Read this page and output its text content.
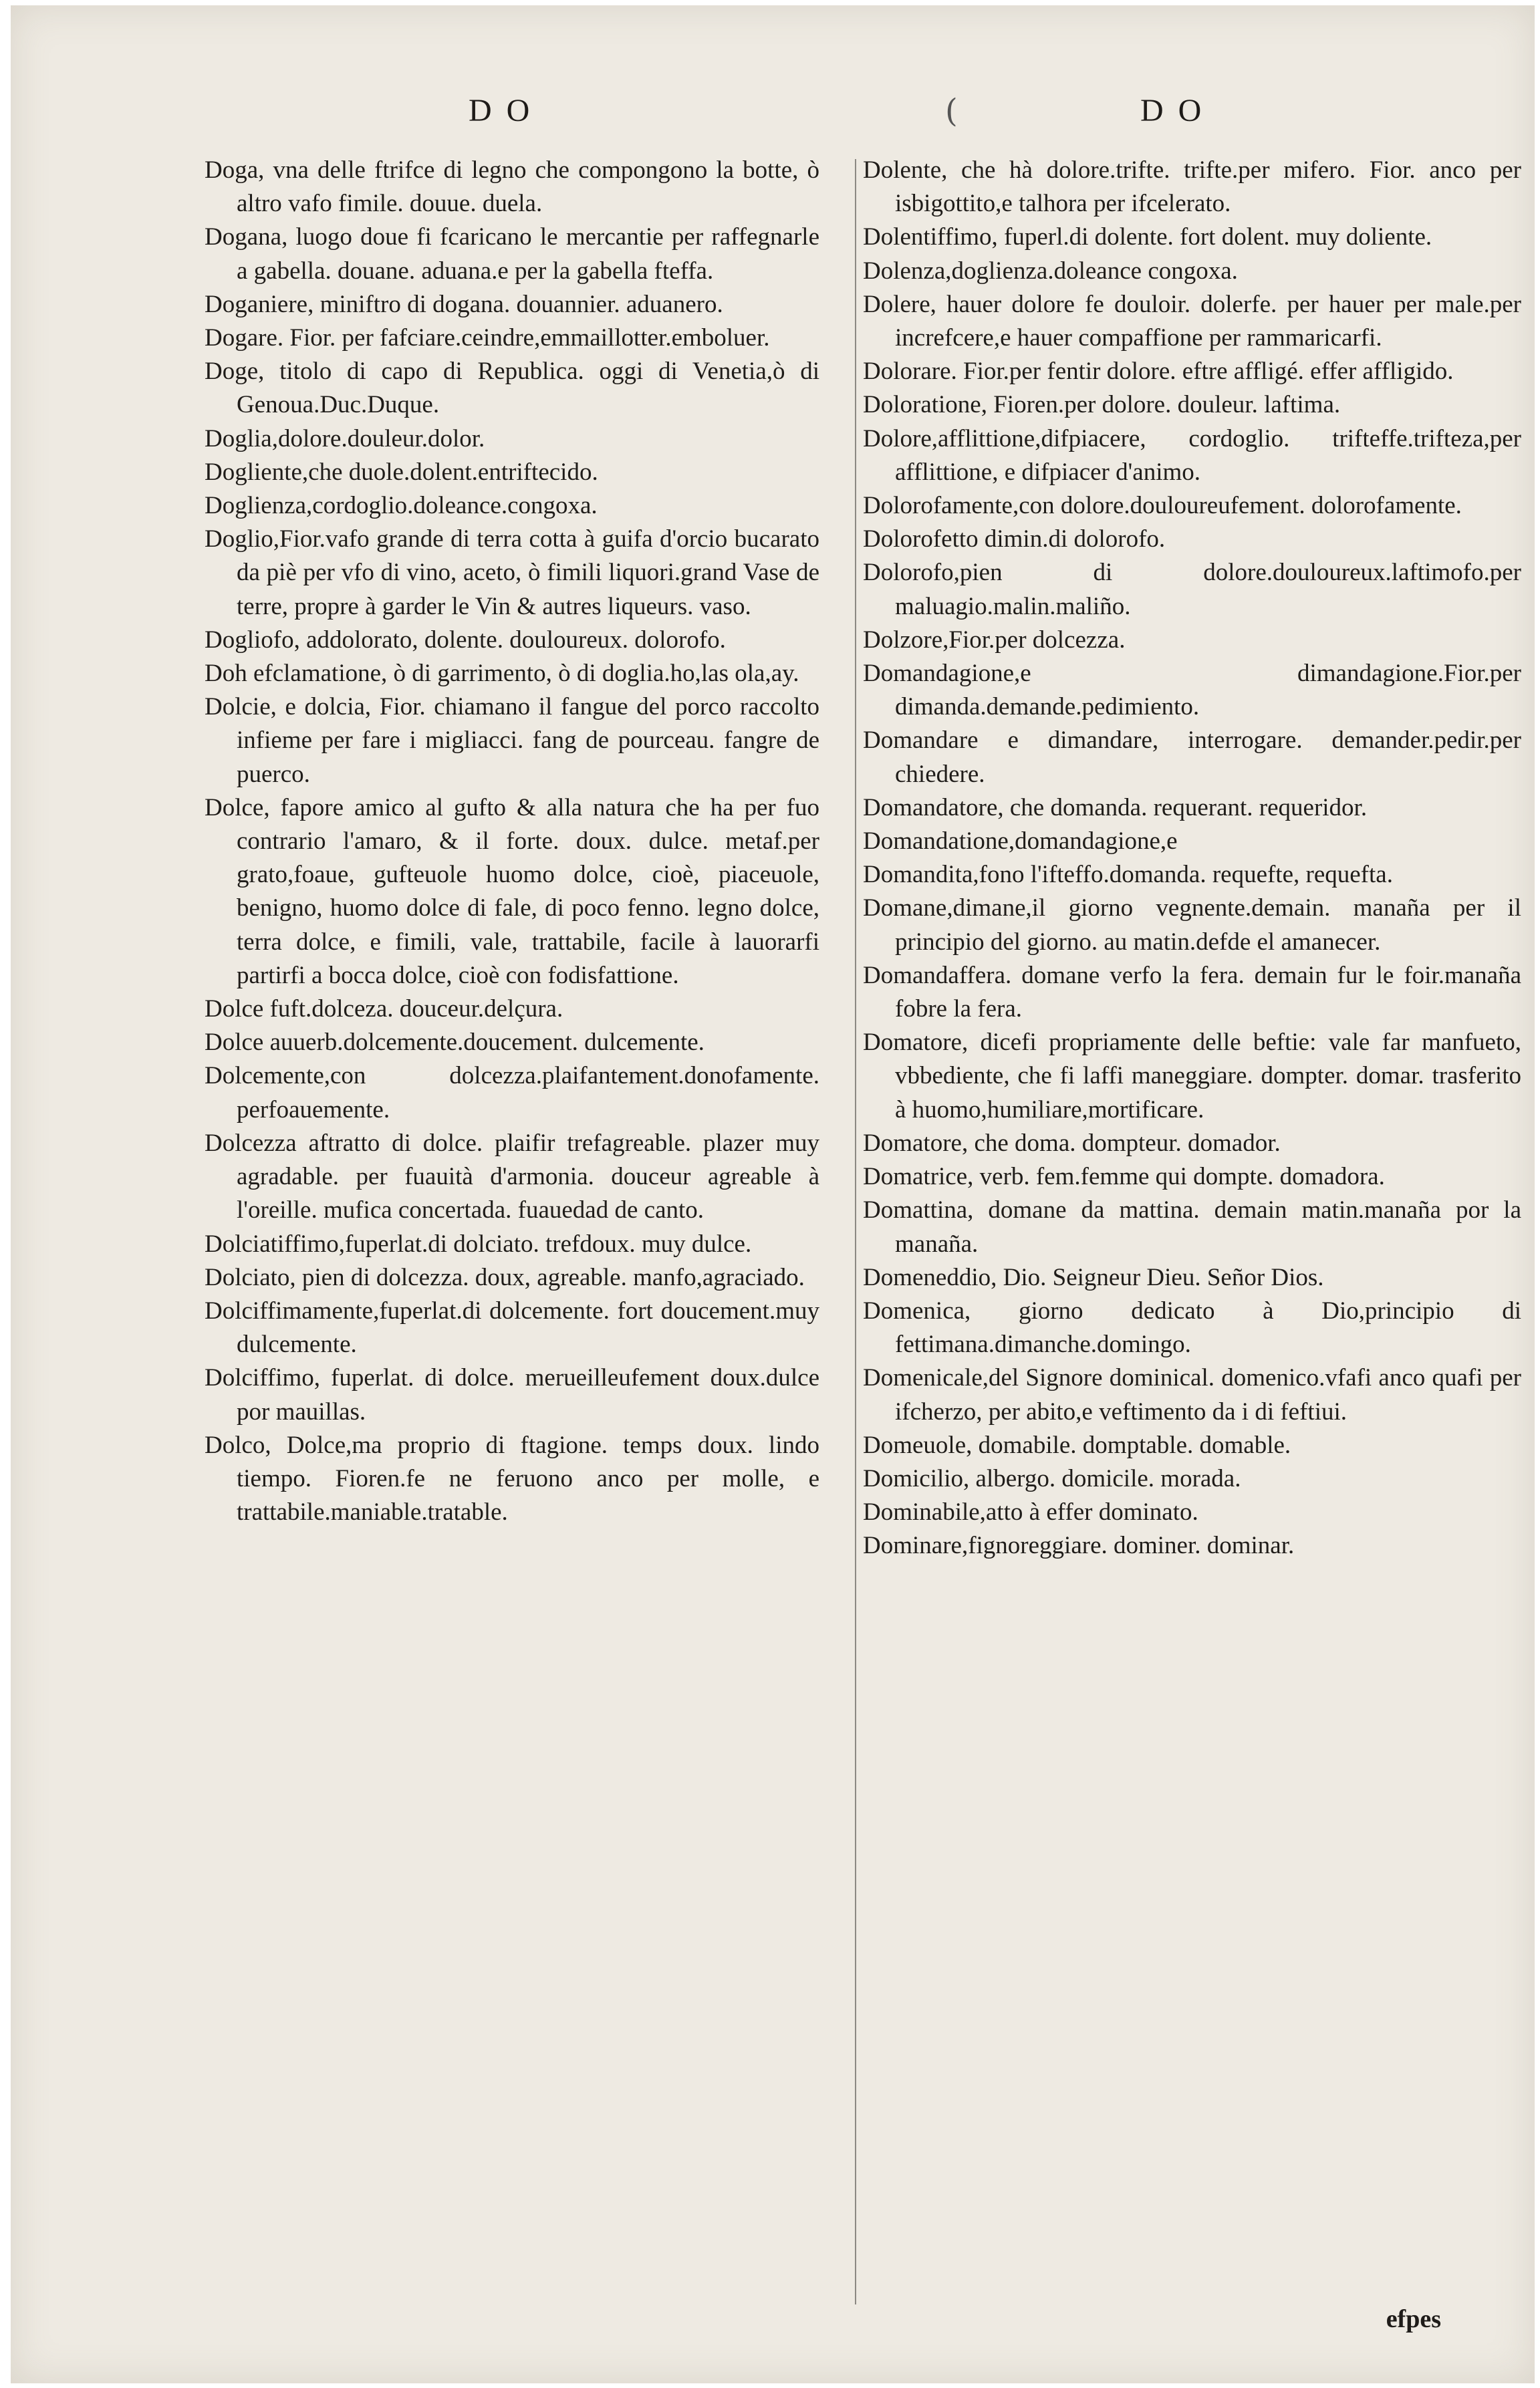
DO	(	DO

Doga, vna delle ftrifce di legno che compongono la botte, ò altro vafo fimile. douue. duela.

Dogana, luogo doue fi fcaricano le mercantie per raffegnarle a gabella. douane. aduana.e per la gabella fteffa.

Doganiere, miniftro di dogana. douannier. aduanero.

Dogare. Fior. per fafciare.ceindre,emmaillotter.emboluer.

Doge, titolo di capo di Republica. oggi di Venetia,ò di Genoua.Duc.Duque.

Doglia,dolore.douleur.dolor.

Dogliente,che duole.dolent.entriftecido.

Doglienza,cordoglio.doleance.congoxa.

Doglio,Fior.vafo grande di terra cotta à guifa d'orcio bucarato da piè per vfo di vino, aceto, ò fimili liquori.grand Vase de terre, propre à garder le Vin & autres liqueurs. vaso.

Dogliofo, addolorato, dolente. douloureux. dolorofo.

Doh efclamatione, ò di garrimento, ò di doglia.ho,las ola,ay.

Dolcie, e dolcia, Fior. chiamano il fangue del porco raccolto infieme per fare i migliacci. fang de pourceau. fangre de puerco.

Dolce, fapore amico al gufto & alla natura che ha per fuo contrario l'amaro, & il forte. doux. dulce. metaf.per grato,foaue, gufteuole huomo dolce, cioè, piaceuole, benigno, huomo dolce di fale, di poco fenno. legno dolce, terra dolce, e fimili, vale, trattabile, facile à lauorarfi partirfi a bocca dolce, cioè con fodisfattione.

Dolce fuft.dolceza. douceur.delçura.

Dolce auuerb.dolcemente.doucement. dulcemente.

Dolcemente,con dolcezza.plaifantement.donofamente. perfoauemente.

Dolcezza aftratto di dolce. plaifir trefagreable. plazer muy agradable. per fuauità d'armonia. douceur agreable à l'oreille. mufica concertada. fuauedad de canto.

Dolciatiffimo,fuperlat.di dolciato. trefdoux. muy dulce.

Dolciato, pien di dolcezza. doux, agreable. manfo,agraciado.

Dolciffimamente,fuperlat.di dolcemente. fort doucement.muy dulcemente.

Dolciffimo, fuperlat. di dolce. merueilleufement doux.dulce por mauillas.

Dolco, Dolce,ma proprio di ftagione. temps doux. lindo tiempo. Fioren.fe ne feruono anco per molle, e trattabile.maniable.tratable.

Dolente, che hà dolore.trifte. trifte.per mifero. Fior. anco per isbigottito,e talhora per ifcelerato.

Dolentiffimo, fuperl.di dolente. fort dolent. muy doliente.

Dolenza,doglienza.doleance congoxa.

Dolere, hauer dolore fe douloir. dolerfe. per hauer per male.per increfcere,e hauer compaffione per rammaricarfi.

Dolorare. Fior.per fentir dolore. eftre affligé. effer affligido.

Doloratione, Fioren.per dolore. douleur. laftima.

Dolore,afflittione,difpiacere, cordoglio. trifteffe.trifteza,per afflittione, e difpiacer d'animo.

Dolorofamente,con dolore.douloureufement. dolorofamente.

Dolorofetto dimin.di dolorofo.

Dolorofo,pien di dolore.douloureux.laftimofo.per maluagio.malin.maliño.

Dolzore,Fior.per dolcezza.

Domandagione,e dimandagione.Fior.per dimanda.demande.pedimiento.

Domandare e dimandare, interrogare. demander.pedir.per chiedere.

Domandatore, che domanda. requerant. requeridor.

Domandatione,domandagione,e

Domandita,fono l'ifteffo.domanda. requefte, requefta.

Domane,dimane,il giorno vegnente.demain. manaña per il principio del giorno. au matin.defde el amanecer.

Domandaffera. domane verfo la fera. demain fur le foir.manaña fobre la fera.

Domatore, dicefi propriamente delle beftie: vale far manfueto, vbbediente, che fi laffi maneggiare. dompter. domar. trasferito à huomo,humiliare,mortificare.

Domatore, che doma. dompteur. domador.

Domatrice, verb. fem.femme qui dompte. domadora.

Domattina, domane da mattina. demain matin.manaña por la manaña.

Domeneddio, Dio. Seigneur Dieu. Señor Dios.

Domenica, giorno dedicato à Dio,principio di fettimana.dimanche.domingo.

Domenicale,del Signore dominical. domenico.vfafi anco quafi per ifcherzo, per abito,e veftimento da i di feftiui.

Domeuole, domabile. domptable. domable.

Domicilio, albergo. domicile. morada.

Dominabile,atto à effer dominato.

Dominare,fignoreggiare. dominer. dominar.

efpes
